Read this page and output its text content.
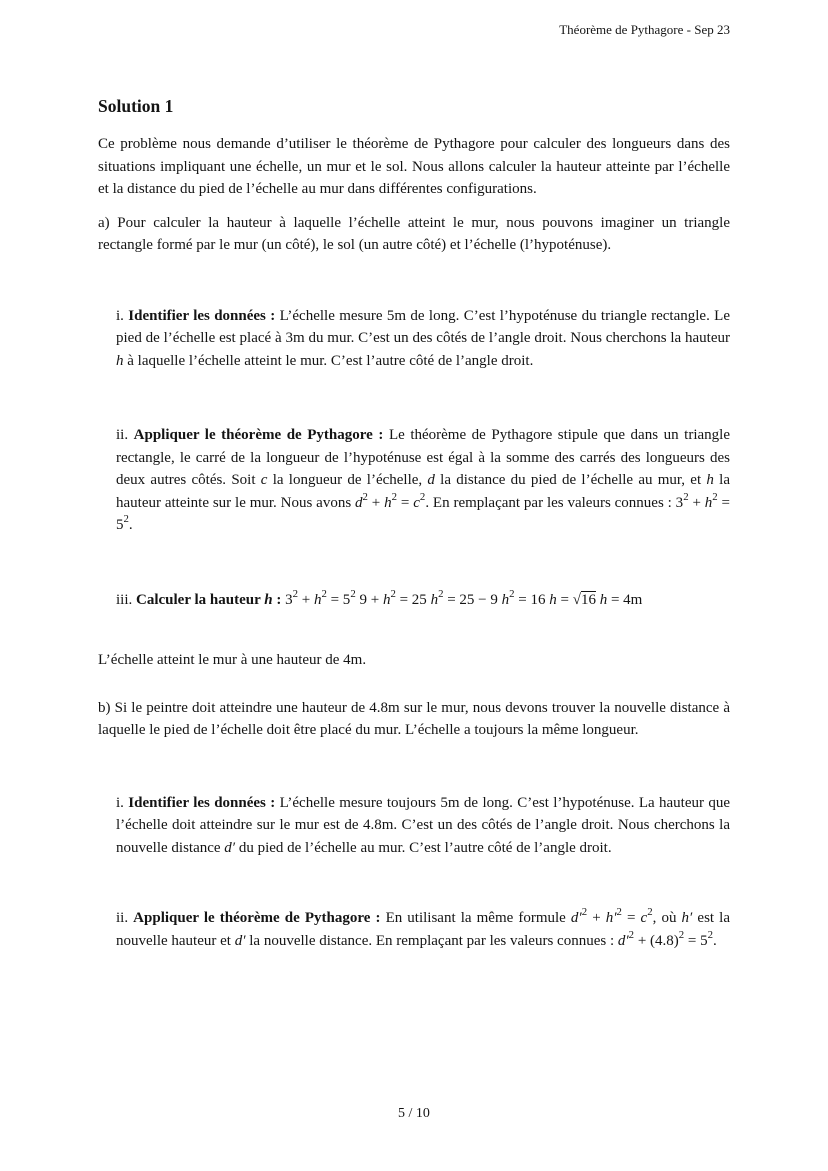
Théorème de Pythagore - Sep 23
Solution 1

Ce problème nous demande d’utiliser le théorème de Pythagore pour calculer des longueurs dans des situations impliquant une échelle, un mur et le sol. Nous allons calculer la hauteur atteinte par l’échelle et la distance du pied de l’échelle au mur dans différentes configurations.

a) Pour calculer la hauteur à laquelle l’échelle atteint le mur, nous pouvons imaginer un triangle rectangle formé par le mur (un côté), le sol (un autre côté) et l’échelle (l’hypoténuse).

i. Identifier les données : L’échelle mesure 5m de long. C’est l’hypoténuse du triangle rectangle. Le pied de l’échelle est placé à 3m du mur. C’est un des côtés de l’angle droit. Nous cherchons la hauteur h à laquelle l’échelle atteint le mur. C’est l’autre côté de l’angle droit.

ii. Appliquer le théorème de Pythagore : Le théorème de Pythagore stipule que dans un triangle rectangle, le carré de la longueur de l’hypoténuse est égal à la somme des carrés des longueurs des deux autres côtés. Soit c la longueur de l’échelle, d la distance du pied de l’échelle au mur, et h la hauteur atteinte sur le mur. Nous avons $d^2 + h^2 = c^2$. En remplaçant par les valeurs connues : $3^2 + h^2 = 5^2$.

iii. Calculer la hauteur h : $3^2 + h^2 = 5^2$ $9 + h^2 = 25$ $h^2 = 25 - 9$ $h^2 = 16$ h = √16 h = 4m

L’échelle atteint le mur à une hauteur de 4m.

b) Si le peintre doit atteindre une hauteur de 4.8m sur le mur, nous devons trouver la nouvelle distance à laquelle le pied de l’échelle doit être placé du mur. L’échelle a toujours la même longueur.

i. Identifier les données : L’échelle mesure toujours 5m de long. C’est l’hypoténuse. La hauteur que l’échelle doit atteindre sur le mur est de 4.8m. C’est un des côtés de l’angle droit. Nous cherchons la nouvelle distance d′ du pied de l’échelle au mur. C’est l’autre côté de l’angle droit.

ii. Appliquer le théorème de Pythagore : En utilisant la même formule $d'^2 + h'^2 = c^2$, où h′ est la nouvelle hauteur et d′ la nouvelle distance. En remplaçant par les valeurs connues : $d'^2 + (4.8)^2 = 5^2$.

5 / 10
